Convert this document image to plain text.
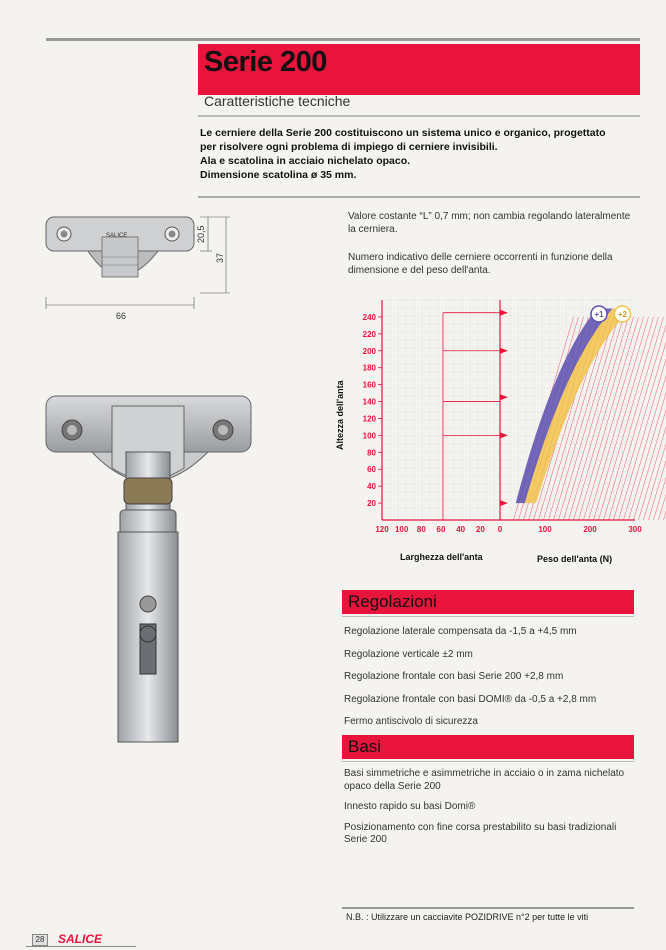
Serie 200
Caratteristiche tecniche

Le cerniere della Serie 200 costituiscono un sistema unico e organico, progettato

per risolvere ogni problema di impiego di cerniere invisibili.

Ala e scatolina in acciaio nichelato opaco.

Dimensione scatolina ø 35 mm.

SALICE	20,5
37
66
Valore costante “L” 0,7 mm; non cambia regolando lateralmente la cerniera.
Numero indicativo delle cerniere occorrenti in funzione della dimensione e del peso dell'anta.
240
220
200
180
160
140
120
100
80
60
40
20
120 100 80 60 40 20 0	100	200	300
+1 +2
Altezza dell'anta
Larghezza dell'anta	Peso dell'anta (N)
Regolazioni
Regolazione laterale compensata da -1,5 a +4,5 mm
Regolazione verticale ±2 mm
Regolazione frontale con basi Serie 200 +2,8 mm
Regolazione frontale con basi DOMI® da -0,5 a +2,8 mm
Fermo antiscivolo di sicurezza
Basi
Basi simmetriche e asimmetriche in acciaio o in zama nichelato opaco della Serie 200
Innesto rapido su basi Domi®
Posizionamento con fine corsa prestabilito su basi tradizionali Serie 200
N.B. : Utilizzare un cacciavite POZIDRIVE n°2 per tutte le viti
28 SALICE
